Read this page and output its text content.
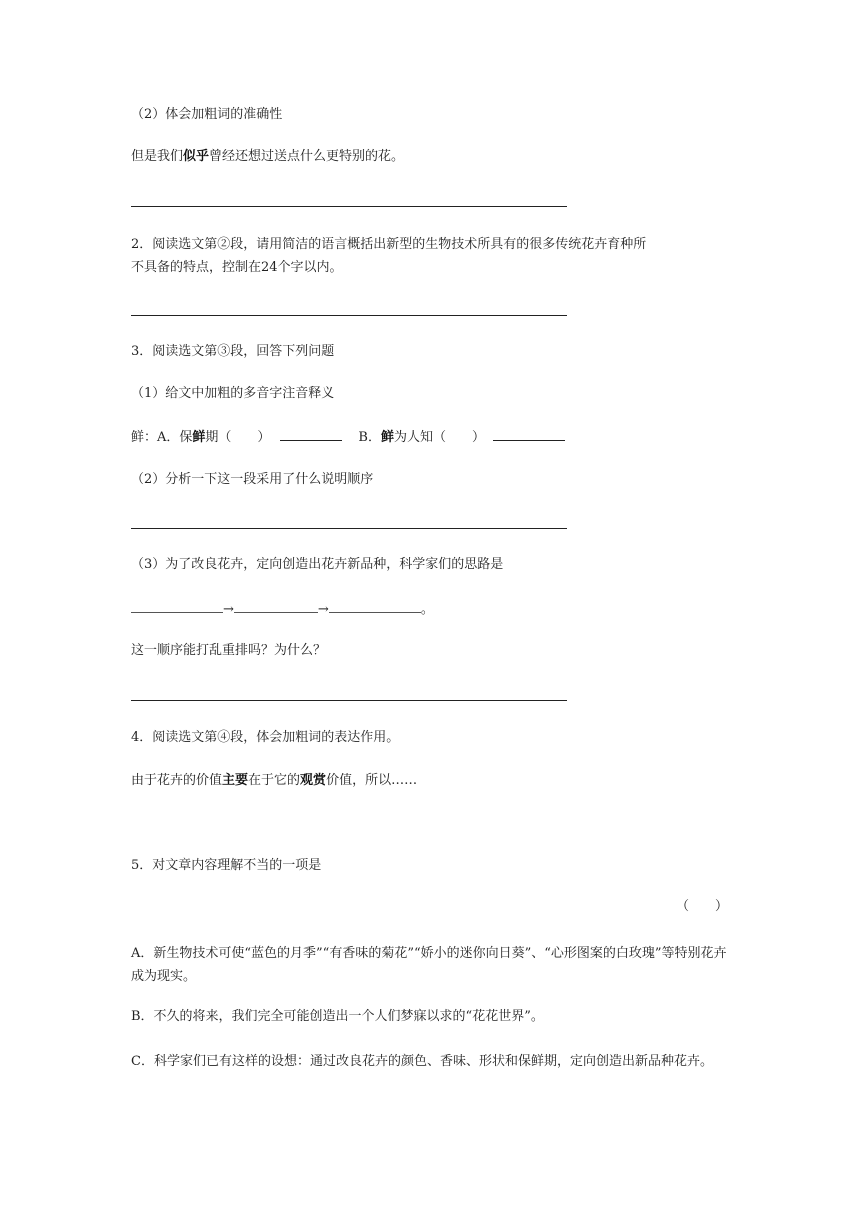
（2）体会加粗词的准确性
但是我们似乎曾经还想过送点什么更特别的花。
2．阅读选文第②段，请用简洁的语言概括出新型的生物技术所具有的很多传统花卉育种所
不具备的特点，控制在24个字以内。
3．阅读选文第③段，回答下列问题
（1）给文中加粗的多音字注音释义
鲜：A．保鲜期（　　）	B．鲜为人知（　　）
（2）分析一下这一段采用了什么说明顺序
（3）为了改良花卉，定向创造出花卉新品种，科学家们的思路是
→	→	。
这一顺序能打乱重排吗？为什么？
4．阅读选文第④段，体会加粗词的表达作用。
由于花卉的价值主要在于它的观赏价值，所以……
5．对文章内容理解不当的一项是
（　　）
A．新生物技术可使“蓝色的月季”“有香味的菊花”“娇小的迷你向日葵”、“心形图案的白玫瑰”等特别花卉成为现实。
B．不久的将来，我们完全可能创造出一个人们梦寐以求的“花花世界”。
C．科学家们已有这样的设想：通过改良花卉的颜色、香味、形状和保鲜期，定向创造出新品种花卉。
